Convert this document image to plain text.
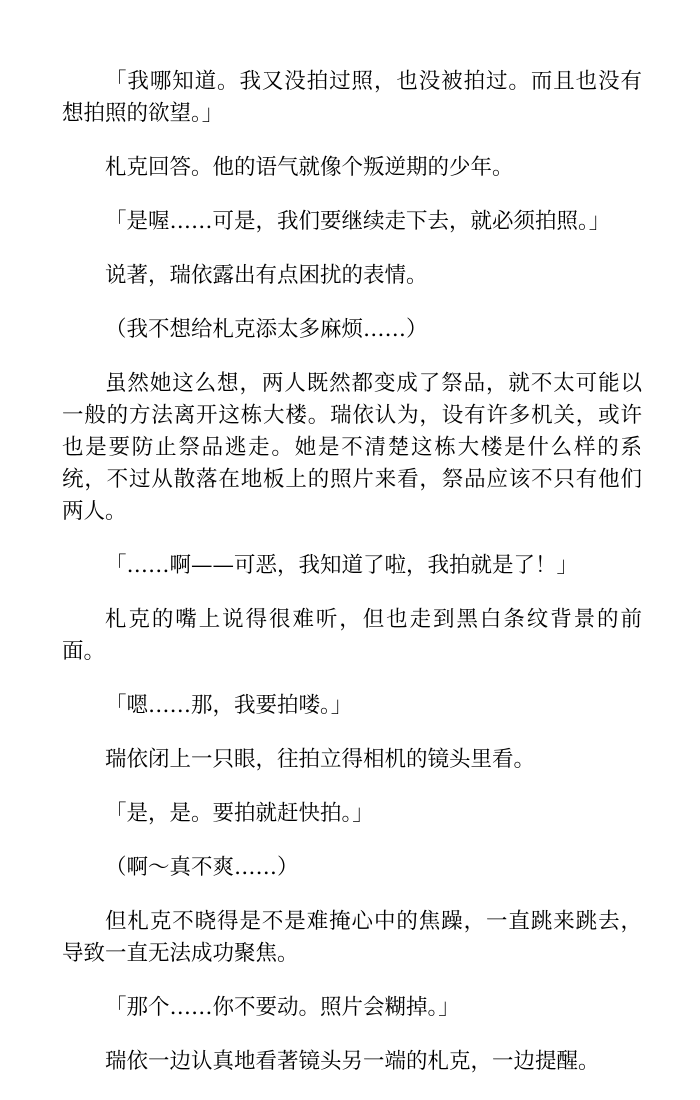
「我哪知道。我又没拍过照，也没被拍过。而且也没有想拍照的欲望。」

札克回答。他的语气就像个叛逆期的少年。

「是喔……可是，我们要继续走下去，就必须拍照。」

说著，瑞依露出有点困扰的表情。

（我不想给札克添太多麻烦……）

虽然她这么想，两人既然都变成了祭品，就不太可能以一般的方法离开这栋大楼。瑞依认为，设有许多机关，或许也是要防止祭品逃走。她是不清楚这栋大楼是什么样的系统，不过从散落在地板上的照片来看，祭品应该不只有他们两人。

「……啊——可恶，我知道了啦，我拍就是了！」

札克的嘴上说得很难听，但也走到黑白条纹背景的前面。

「嗯……那，我要拍喽。」

瑞依闭上一只眼，往拍立得相机的镜头里看。

「是，是。要拍就赶快拍。」

（啊～真不爽……）

但札克不晓得是不是难掩心中的焦躁，一直跳来跳去，导致一直无法成功聚焦。

「那个……你不要动。照片会糊掉。」

瑞依一边认真地看著镜头另一端的札克，一边提醒。
